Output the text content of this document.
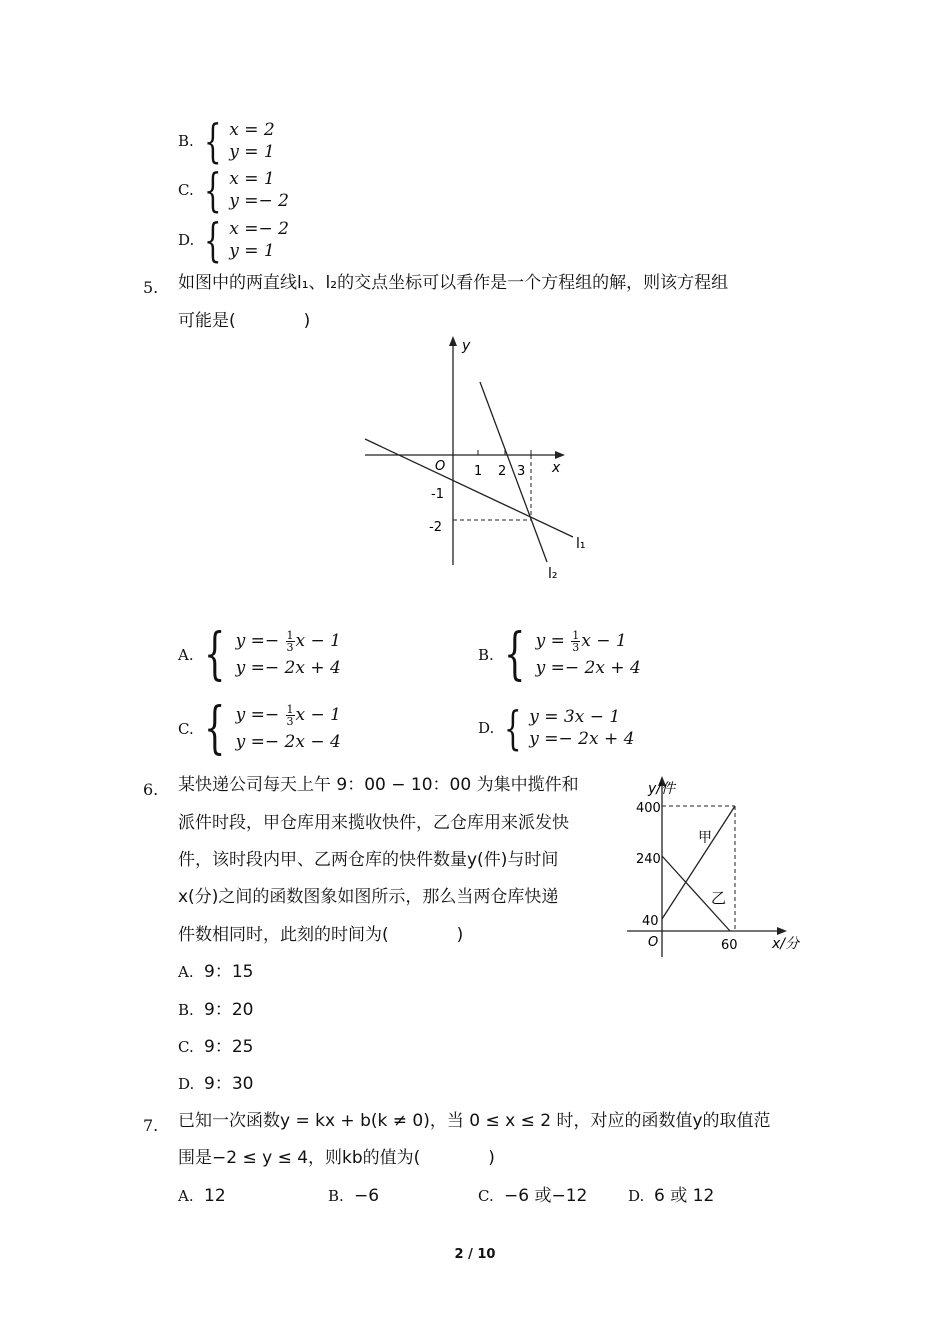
B. { x = 2
y = 1
C. { x = 1
y =− 2
D. { x =− 2
y = 1
5. 如图中的两直线l₁、l₂的交点坐标可以看作是一个方程组的解，则该方程组
可能是(　　　　)
y
x
O 1 2 3
-1
-2
l₁
l₂
A. { $y =- \frac{1}{3}$ x − 1
y =− 2x + 4
B. { $y = \frac{1}{3}$ x − 1
y =− 2x + 4
C. { $y =- \frac{1}{3}$ x − 1
y =− 2x − 4
D. { y = 3x − 1
y =− 2x + 4
6. 某快递公司每天上午 9：00 − 10：00 为集中揽件和
派件时段，甲仓库用来揽收快件，乙仓库用来派发快
件，该时段内甲、乙两仓库的快件数量y(件)与时间
x(分)之间的函数图象如图所示，那么当两仓库快递
件数相同时，此刻的时间为(　　　　)
y/件
400
240
40
O	60 x/分
甲
乙
A. 9：15
B. 9：20
C. 9：25
D. 9：30
7. 已知一次函数y = kx + b(k ≠ 0)，当 0 ≤ x ≤ 2 时，对应的函数值y的取值范
围是−2 ≤ y ≤ 4，则kb的值为(　　　　)
A. 12	B. −6	C. −6 或−12	D. 6 或 12
2 / 10
